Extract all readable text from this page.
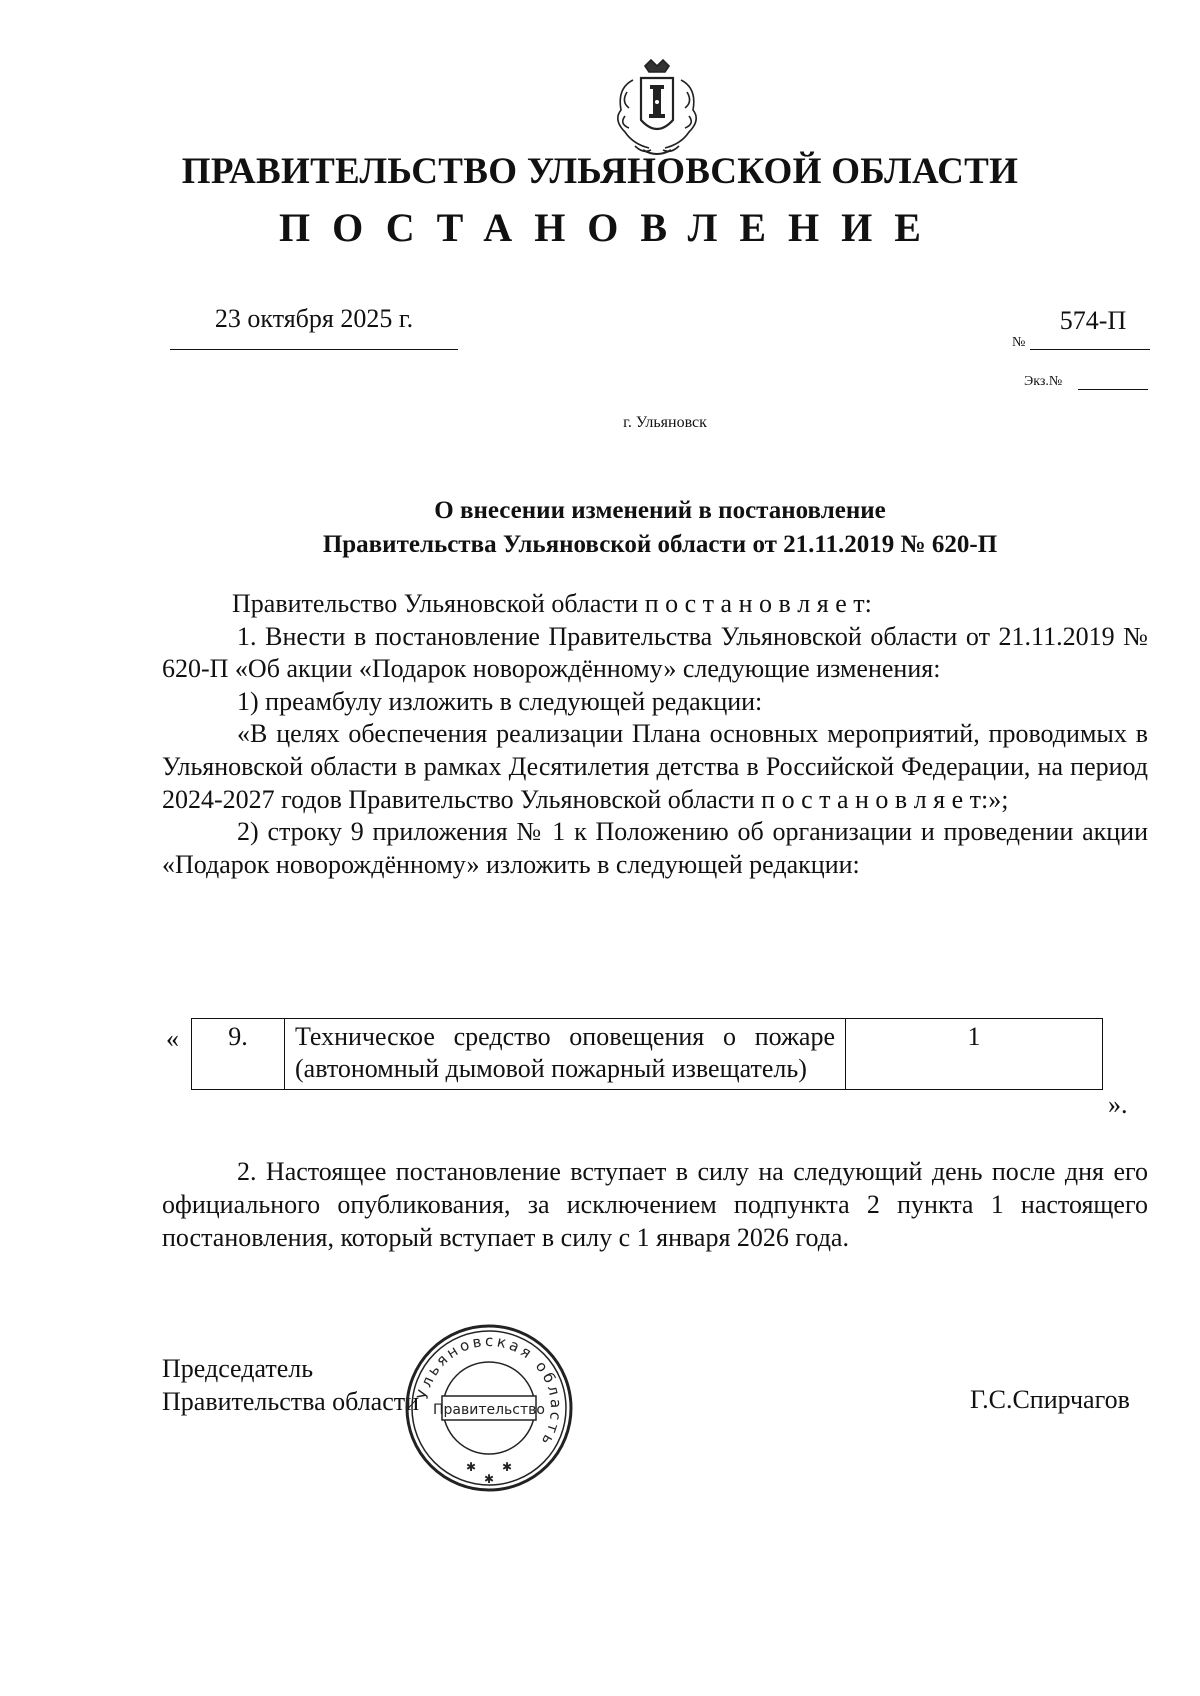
ПРАВИТЕЛЬСТВО УЛЬЯНОВСКОЙ ОБЛАСТИ
ПОСТАНОВЛЕНИЕ
23 октября 2025 г.
№
574-П
Экз.№
г. Ульяновск
О внесении изменений в постановление
Правительства Ульяновской области от 21.11.2019 № 620-П

Правительство Ульяновской области п о с т а н о в л я е т:

1. Внести в постановление Правительства Ульяновской области от 21.11.2019 № 620-П «Об акции «Подарок новорождённому» следующие изменения:

1) преамбулу изложить в следующей редакции:

«В целях обеспечения реализации Плана основных мероприятий, проводимых в Ульяновской области в рамках Десятилетия детства в Российской Федерации, на период 2024-2027 годов Правительство Ульяновской области п о с т а н о в л я е т:»;

2) строку 9 приложения № 1 к Положению об организации и проведении акции «Подарок новорождённому» изложить в следующей редакции:

« 9.	Техническое средство оповещения о пожаре (автономный дымовой пожарный извещатель)	1
».

2. Настоящее постановление вступает в силу на следующий день после дня его официального опубликования, за исключением подпункта 2 пункта 1 настоящего постановления, который вступает в силу с 1 января 2026 года.

Председатель
Правительства области
Ульяновская область
Правительство
✱ ✱
✱
Г.С.Спирчагов
